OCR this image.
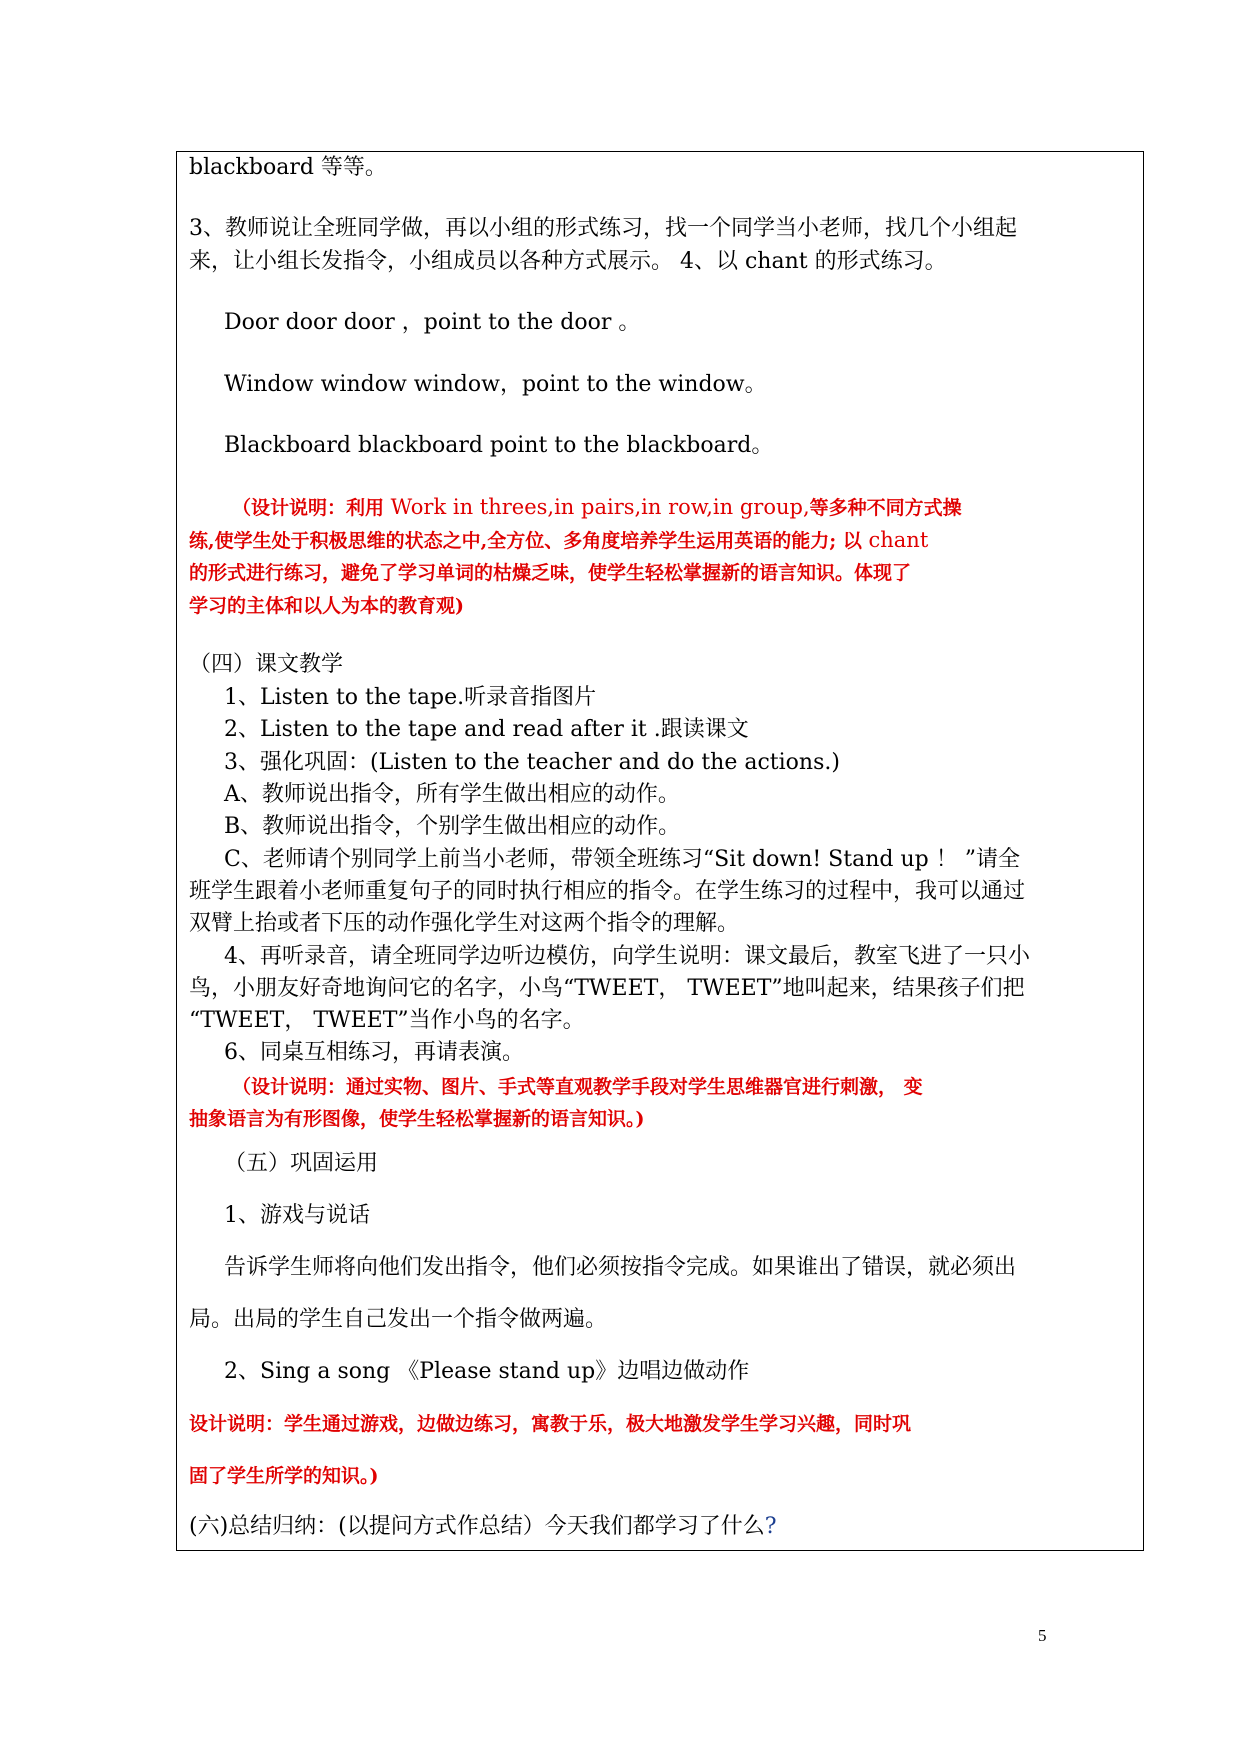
blackboard 等等。
3、教师说让全班同学做，再以小组的形式练习，找一个同学当小老师，找几个小组起
来，让小组长发指令，小组成员以各种方式展示。 4、以 chant 的形式练习。
Door door door ，point to the door 。
Window window window，point to the window。
Blackboard blackboard point to the blackboard。
（设计说明：利用 Work in threes,in pairs,in row,in group,等多种不同方式操
练,使学生处于积极思维的状态之中,全方位、多角度培养学生运用英语的能力; 以 chant
的形式进行练习，避免了学习单词的枯燥乏味，使学生轻松掌握新的语言知识。体现了
学习的主体和以人为本的教育观)
（四）课文教学
1、Listen to the tape.听录音指图片
2、Listen to the tape and read after it .跟读课文
3、强化巩固：(Listen to the teacher and do the actions.)
A、教师说出指令，所有学生做出相应的动作。
B、教师说出指令，个别学生做出相应的动作。
C、老师请个别同学上前当小老师，带领全班练习“Sit down! Stand up ！ ”请全
班学生跟着小老师重复句子的同时执行相应的指令。在学生练习的过程中，我可以通过
双臂上抬或者下压的动作强化学生对这两个指令的理解。
4、再听录音，请全班同学边听边模仿，向学生说明：课文最后，教室飞进了一只小
鸟，小朋友好奇地询问它的名字，小鸟“TWEET， TWEET”地叫起来，结果孩子们把
“TWEET， TWEET”当作小鸟的名字。
6、同桌互相练习，再请表演。
（设计说明：通过实物、图片、手式等直观教学手段对学生思维器官进行刺激， 变
抽象语言为有形图像，使学生轻松掌握新的语言知识。)
（五）巩固运用
1、游戏与说话
告诉学生师将向他们发出指令，他们必须按指令完成。如果谁出了错误，就必须出
局。出局的学生自己发出一个指令做两遍。
2、Sing a song 《Please stand up》边唱边做动作
设计说明：学生通过游戏，边做边练习，寓教于乐，极大地激发学生学习兴趣，同时巩
固了学生所学的知识。)
(六)总结归纳：(以提问方式作总结）今天我们都学习了什么?
5
